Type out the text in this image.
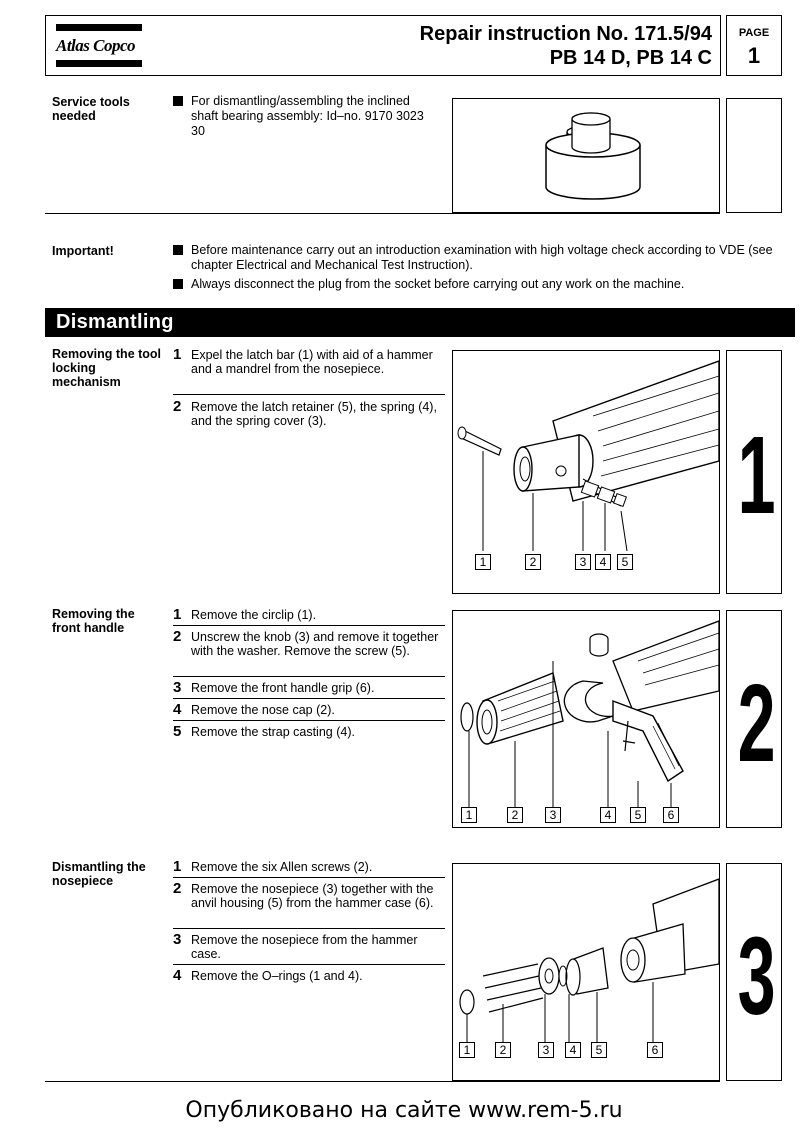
Atlas Copco
Repair instruction No. 171.5/94
PB 14 D, PB 14 C
PAGE
1
Service tools needed
For dismantling/assembling the inclined shaft bearing assembly: Id–no. 9170 3023 30
Important!	Before maintenance carry out an introduction examination with high voltage check according to VDE (see chapter Electrical and Mechanical Test Instruction).
Always disconnect the plug from the socket before carrying out any work on the machine.
Dismantling
Removing the tool locking mechanism
1 Expel the latch bar (1) with aid of a hammer and a mandrel from the nosepiece.
2 Remove the latch retainer (5), the spring (4), and the spring cover (3).
1	2	3	4	5
1
Removing the front handle
1 Remove the circlip (1).
2 Unscrew the knob (3) and remove it together with the washer. Remove the screw (5).
3 Remove the front handle grip (6).
4 Remove the nose cap (2).
5 Remove the strap casting (4).
1	2	3	4	5	6
2
Dismantling the nosepiece
1 Remove the six Allen screws (2).
2 Remove the nosepiece (3) together with the anvil housing (5) from the hammer case (6).
3 Remove the nosepiece from the hammer case.
4 Remove the O–rings (1 and 4).
1	2	3	4	5	6
3
Опубликовано на сайте www.rem-5.ru
